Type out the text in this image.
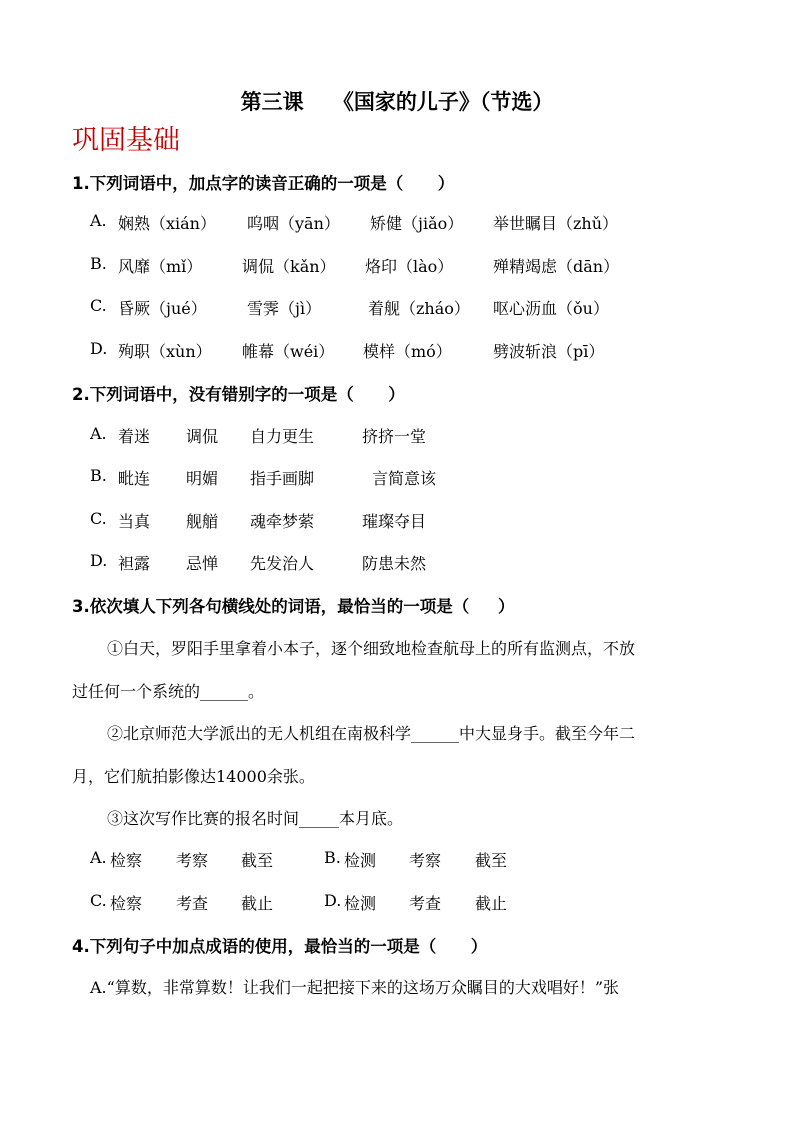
第三课    《国家的儿子》（节选）
巩固基础
1.下列词语中，加点字的读音正确的一项是（      ）
A. 娴熟（xián） 呜咽（yān） 矫健（jiǎo） 举世瞩目（zhǔ）
B. 风靡（mǐ） 调侃（kǎn） 烙印（lào） 殚精竭虑（dān）
C. 昏厥（jué）	雪霁（jì）	着舰（zháo） 呕心沥血（ǒu）
D. 殉职（xùn） 帷幕（wéi） 模样（mó）	劈波斩浪（pī）
2.下列词语中，没有错别字的一项是（      ）
A. 着迷 调侃 自力更生	挤挤一堂
B. 毗连 明媚 指手画脚	言简意该
C. 当真 舰艏 魂牵梦萦	璀璨夺目
D. 袒露 忌惮 先发治人	防患未然
3.依次填人下列各句横线处的词语，最恰当的一项是（     ）
①白天，罗阳手里拿着小本子，逐个细致地检查航母上的所有监测点，不放
过任何一个系统的______。
②北京师范大学派出的无人机组在南极科学______中大显身手。截至今年二
月，它们航拍影像达14000余张。
③这次写作比赛的报名时间_____本月底。
A. 检察 考察 截至	B. 检测 考察 截至
C. 检察 考查 截止	D. 检测 考查 截止
4.下列句子中加点成语的使用，最恰当的一项是（      ）
A.“算数，非常算数！让我们一起把接下来的这场万众瞩目的大戏唱好！”张
